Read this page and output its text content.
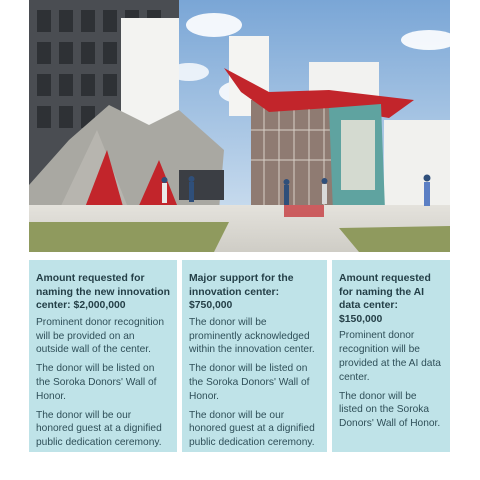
Amount requested for naming the new innovation center: $2,000,000

Prominent donor recognition will be provided on an outside wall of the center.

The donor will be listed on the Soroka Donors' Wall of Honor.

The donor will be our honored guest at a dignified public dedication ceremony.

Major support for the innovation center: $750,000

The donor will be prominently acknowledged within the innovation center.

The donor will be listed on the Soroka Donors' Wall of Honor.

The donor will be our honored guest at a dignified public dedication ceremony.

Amount requested for naming the AI data center: $150,000

Prominent donor recognition will be provided at the AI data center.

The donor will be listed on the Soroka Donors' Wall of Honor.
